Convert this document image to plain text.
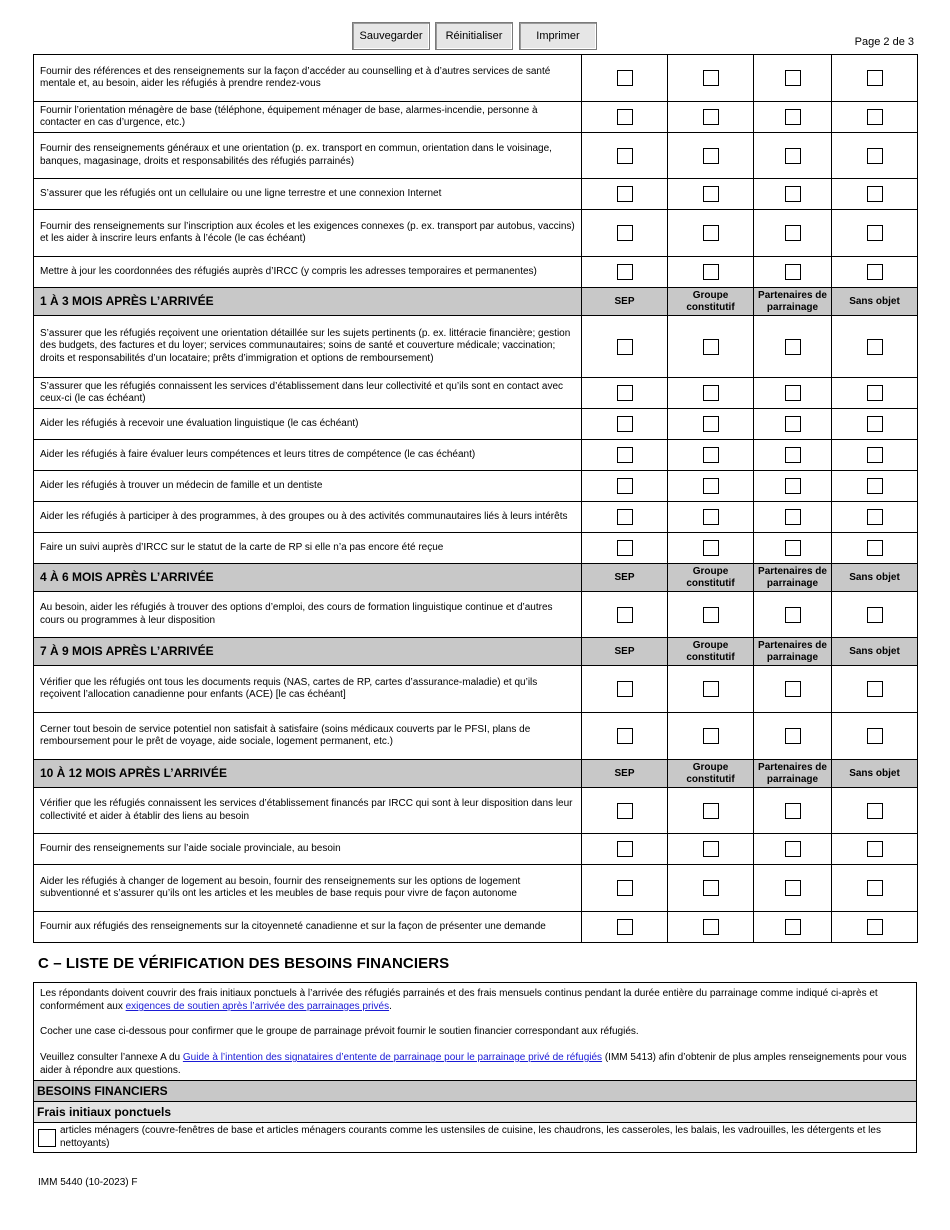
Sauvegarder	Réinitialiser	Imprimer	Page 2 de 3
Fournir des références et des renseignements sur la façon d’accéder au counselling et à d’autres services de santé mentale et, au besoin, aider les réfugiés à prendre rendez-vous				
Fournir l’orientation ménagère de base (téléphone, équipement ménager de base, alarmes-incendie, personne à contacter en cas d’urgence, etc.)				
Fournir des renseignements généraux et une orientation (p. ex. transport en commun, orientation dans le voisinage, banques, magasinage, droits et responsabilités des réfugiés parrainés)				
S’assurer que les réfugiés ont un cellulaire ou une ligne terrestre et une connexion Internet				
Fournir des renseignements sur l’inscription aux écoles et les exigences connexes (p. ex. transport par autobus, vaccins) et les aider à inscrire leurs enfants à l’école (le cas échéant)				
Mettre à jour les coordonnées des réfugiés auprès d’IRCC (y compris les adresses temporaires et permanentes)				
1 À 3 MOIS APRÈS L’ARRIVÉE	SEP	Groupe constitutif	Partenaires de parrainage	Sans objet
S’assurer que les réfugiés reçoivent une orientation détaillée sur les sujets pertinents (p. ex. littéracie financière; gestion des budgets, des factures et du loyer; services communautaires; soins de santé et couverture médicale; vaccination; droits et responsabilités d’un locataire; prêts d’immigration et options de remboursement)				
S’assurer que les réfugiés connaissent les services d’établissement dans leur collectivité et qu’ils sont en contact avec ceux-ci (le cas échéant)				
Aider les réfugiés à recevoir une évaluation linguistique (le cas échéant)				
Aider les réfugiés à faire évaluer leurs compétences et leurs titres de compétence (le cas échéant)				
Aider les réfugiés à trouver un médecin de famille et un dentiste				
Aider les réfugiés à participer à des programmes, à des groupes ou à des activités communautaires liés à leurs intérêts				
Faire un suivi auprès d’IRCC sur le statut de la carte de RP si elle n’a pas encore été reçue				
4 À 6 MOIS APRÈS L’ARRIVÉE	SEP	Groupe constitutif	Partenaires de parrainage	Sans objet
Au besoin, aider les réfugiés à trouver des options d’emploi, des cours de formation linguistique continue et d’autres cours ou programmes à leur disposition				
7 À 9 MOIS APRÈS L’ARRIVÉE	SEP	Groupe constitutif	Partenaires de parrainage	Sans objet
Vérifier que les réfugiés ont tous les documents requis (NAS, cartes de RP, cartes d’assurance-maladie) et qu’ils reçoivent l’allocation canadienne pour enfants (ACE) [le cas échéant]				
Cerner tout besoin de service potentiel non satisfait à satisfaire (soins médicaux couverts par le PFSI, plans de remboursement pour le prêt de voyage, aide sociale, logement permanent, etc.)				
10 À 12 MOIS APRÈS L’ARRIVÉE	SEP	Groupe constitutif	Partenaires de parrainage	Sans objet
Vérifier que les réfugiés connaissent les services d’établissement financés par IRCC qui sont à leur disposition dans leur collectivité et aider à établir des liens au besoin				
Fournir des renseignements sur l’aide sociale provinciale, au besoin				
Aider les réfugiés à changer de logement au besoin, fournir des renseignements sur les options de logement subventionné et s’assurer qu’ils ont les articles et les meubles de base requis pour vivre de façon autonome				
Fournir aux réfugiés des renseignements sur la citoyenneté canadienne et sur la façon de présenter une demande				
C – LISTE DE VÉRIFICATION DES BESOINS FINANCIERS

Les répondants doivent couvrir des frais initiaux ponctuels à l’arrivée des réfugiés parrainés et des frais mensuels continus pendant la durée entière du parrainage comme indiqué ci-après et conformément aux exigences de soutien après l’arrivée des parrainages privés.

Cocher une case ci-dessous pour confirmer que le groupe de parrainage prévoit fournir le soutien financier correspondant aux réfugiés.

Veuillez consulter l’annexe A du Guide à l’intention des signataires d’entente de parrainage pour le parrainage privé de réfugiés (IMM 5413) afin d’obtenir de plus amples renseignements pour vous aider à répondre aux questions.

BESOINS FINANCIERS
Frais initiaux ponctuels
articles ménagers (couvre-fenêtres de base et articles ménagers courants comme les ustensiles de cuisine, les chaudrons, les casseroles, les balais, les vadrouilles, les détergents et les nettoyants)
IMM 5440 (10-2023) F
